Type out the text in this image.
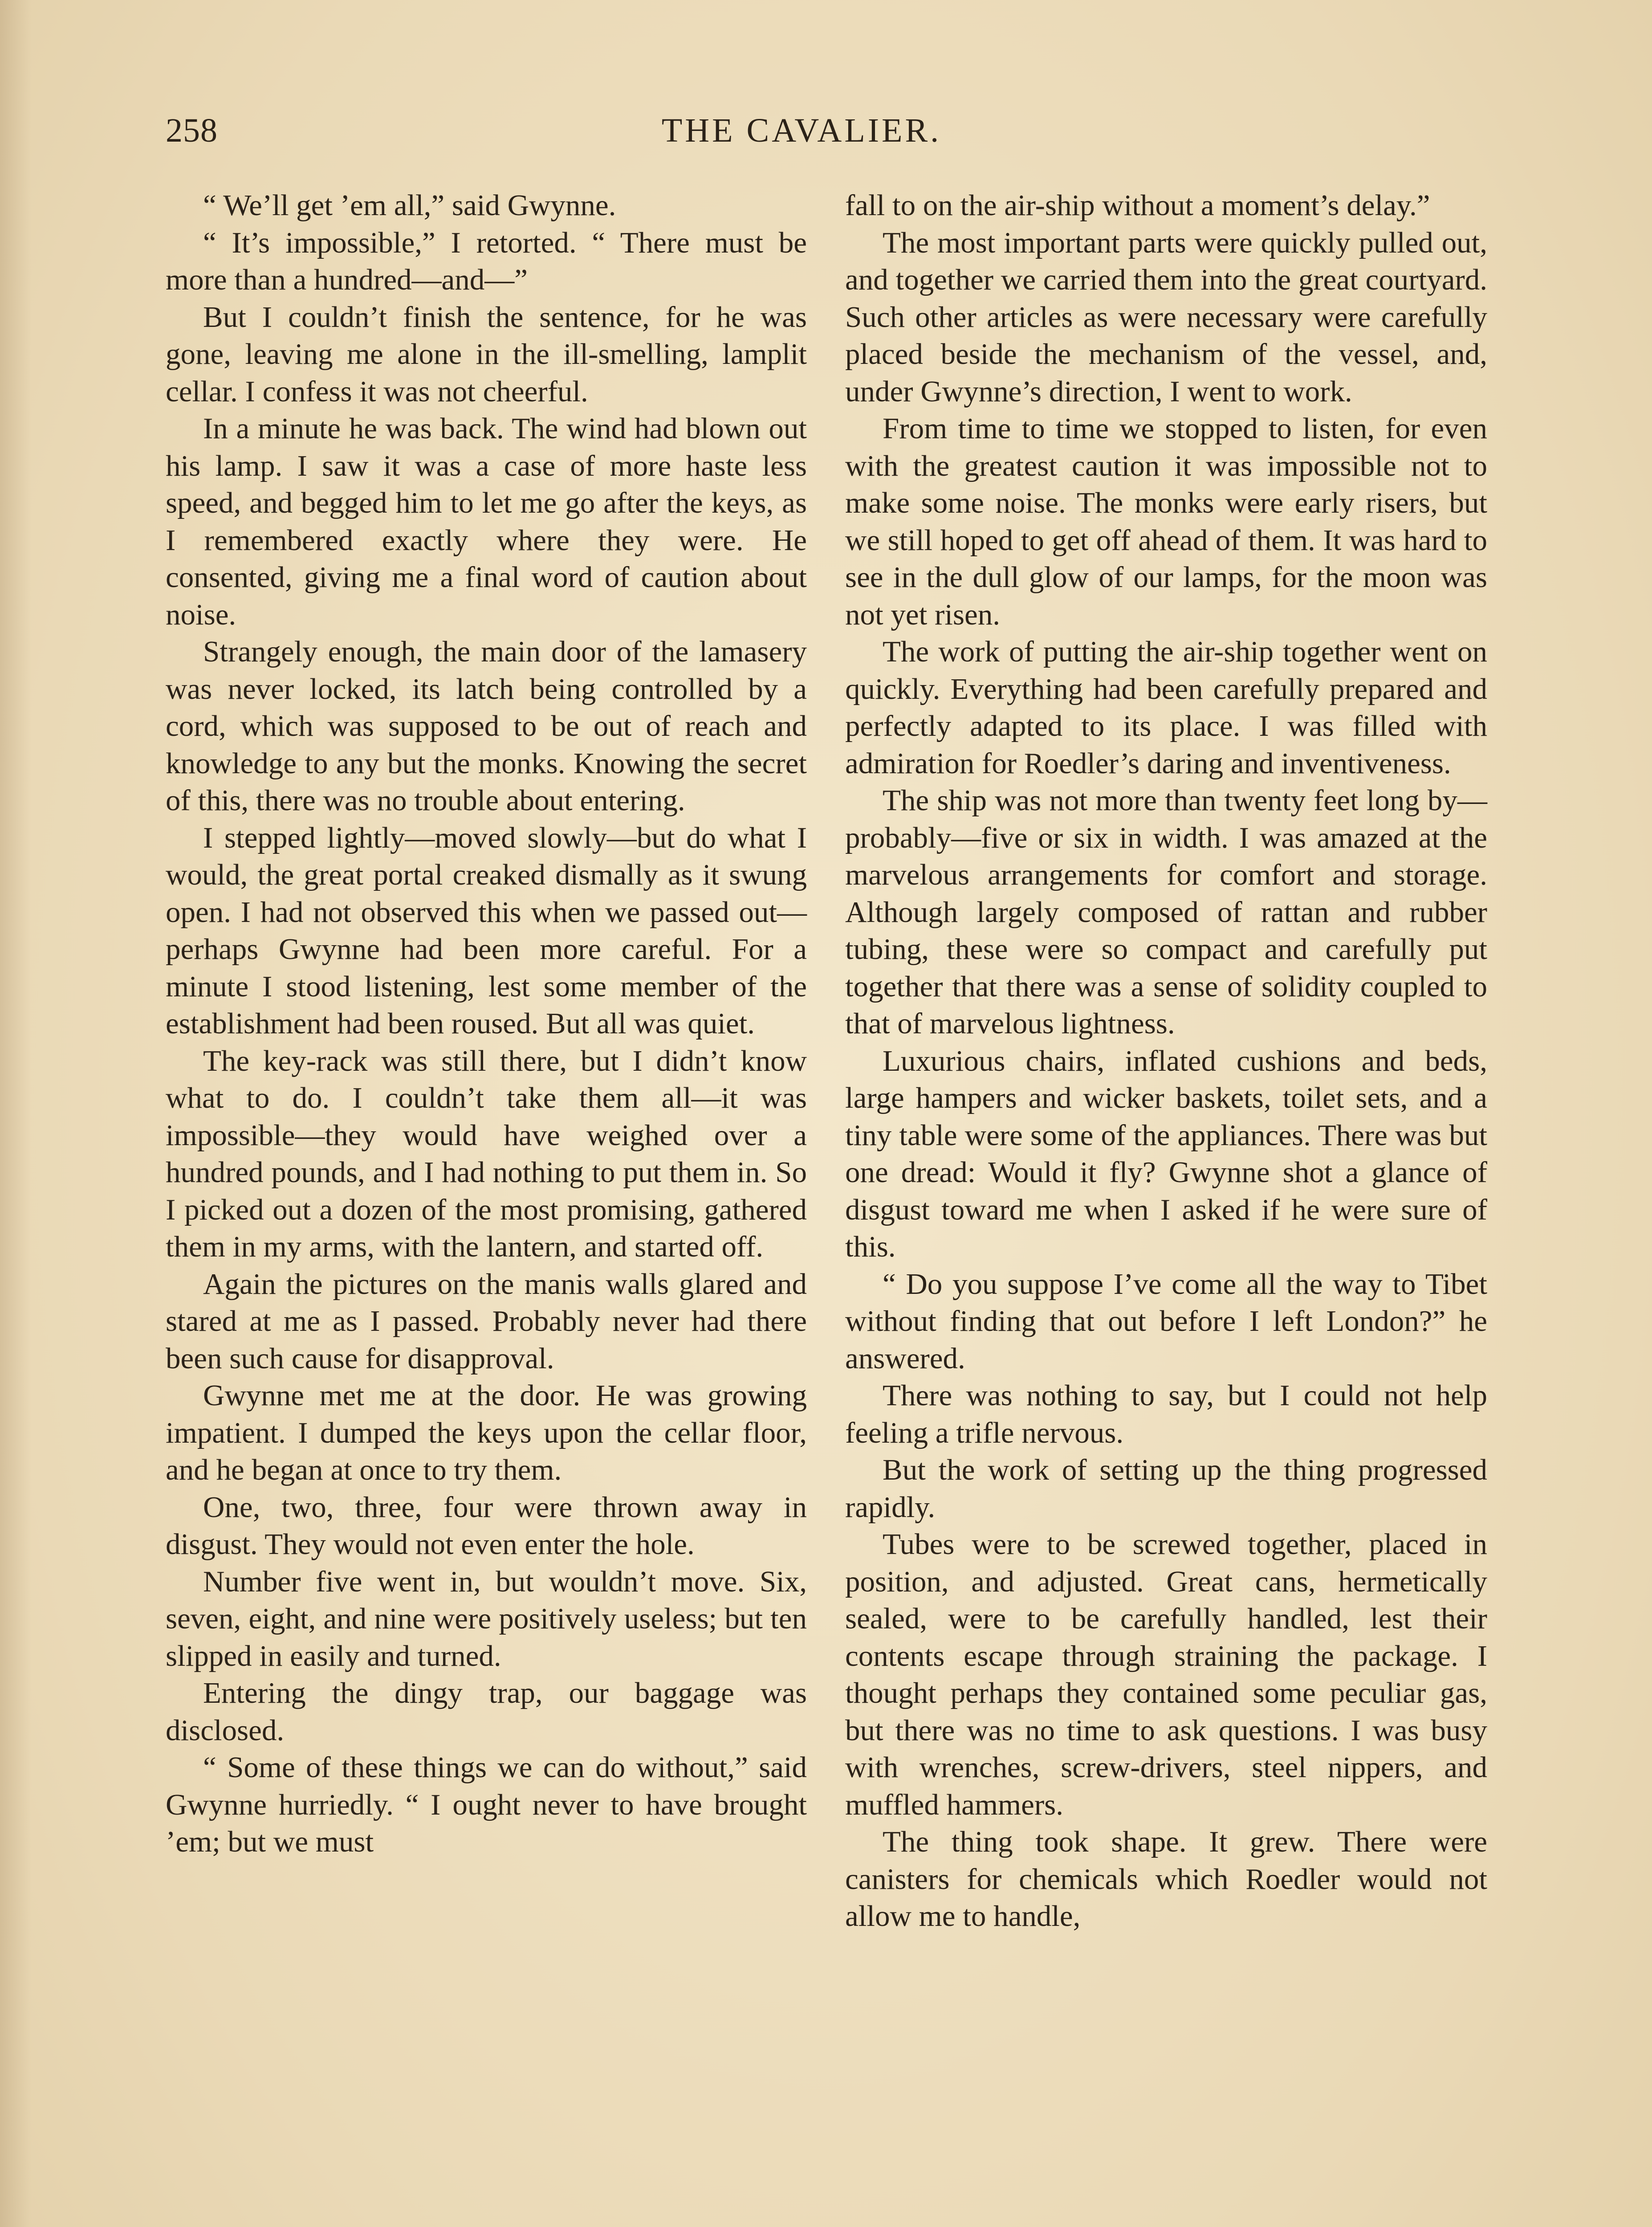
258	THE CAVALIER.

“ We’ll get ’em all,” said Gwynne.

“ It’s impossible,” I retorted. “ There must be more than a hundred—and—”

But I couldn’t finish the sentence, for he was gone, leaving me alone in the ill-smelling, lamplit cellar. I confess it was not cheerful.

In a minute he was back. The wind had blown out his lamp. I saw it was a case of more haste less speed, and begged him to let me go after the keys, as I remembered exactly where they were. He consented, giving me a final word of caution about noise.

Strangely enough, the main door of the lamasery was never locked, its latch being controlled by a cord, which was supposed to be out of reach and knowledge to any but the monks. Knowing the secret of this, there was no trouble about entering.

I stepped lightly—moved slowly—but do what I would, the great portal creaked dismally as it swung open. I had not observed this when we passed out—perhaps Gwynne had been more careful. For a minute I stood listening, lest some member of the establishment had been roused. But all was quiet.

The key-rack was still there, but I didn’t know what to do. I couldn’t take them all—it was impossible—they would have weighed over a hundred pounds, and I had nothing to put them in. So I picked out a dozen of the most promising, gathered them in my arms, with the lantern, and started off.

Again the pictures on the manis walls glared and stared at me as I passed. Probably never had there been such cause for disapproval.

Gwynne met me at the door. He was growing impatient. I dumped the keys upon the cellar floor, and he began at once to try them.

One, two, three, four were thrown away in disgust. They would not even enter the hole.

Number five went in, but wouldn’t move. Six, seven, eight, and nine were positively useless; but ten slipped in easily and turned.

Entering the dingy trap, our baggage was disclosed.

“ Some of these things we can do without,” said Gwynne hurriedly. “ I ought never to have brought ’em; but we must

fall to on the air-ship without a moment’s delay.”

The most important parts were quickly pulled out, and together we carried them into the great courtyard. Such other articles as were necessary were carefully placed beside the mechanism of the vessel, and, under Gwynne’s direction, I went to work.

From time to time we stopped to listen, for even with the greatest caution it was impossible not to make some noise. The monks were early risers, but we still hoped to get off ahead of them. It was hard to see in the dull glow of our lamps, for the moon was not yet risen.

The work of putting the air-ship together went on quickly. Everything had been carefully prepared and perfectly adapted to its place. I was filled with admiration for Roedler’s daring and inventiveness.

The ship was not more than twenty feet long by—probably—five or six in width. I was amazed at the marvelous arrangements for comfort and storage. Although largely composed of rattan and rubber tubing, these were so compact and carefully put together that there was a sense of solidity coupled to that of marvelous lightness.

Luxurious chairs, inflated cushions and beds, large hampers and wicker baskets, toilet sets, and a tiny table were some of the appliances. There was but one dread: Would it fly? Gwynne shot a glance of disgust toward me when I asked if he were sure of this.

“ Do you suppose I’ve come all the way to Tibet without finding that out before I left London?” he answered.

There was nothing to say, but I could not help feeling a trifle nervous.

But the work of setting up the thing progressed rapidly.

Tubes were to be screwed together, placed in position, and adjusted. Great cans, hermetically sealed, were to be carefully handled, lest their contents escape through straining the package. I thought perhaps they contained some peculiar gas, but there was no time to ask questions. I was busy with wrenches, screw-drivers, steel nippers, and muffled hammers.

The thing took shape. It grew. There were canisters for chemicals which Roedler would not allow me to handle,
